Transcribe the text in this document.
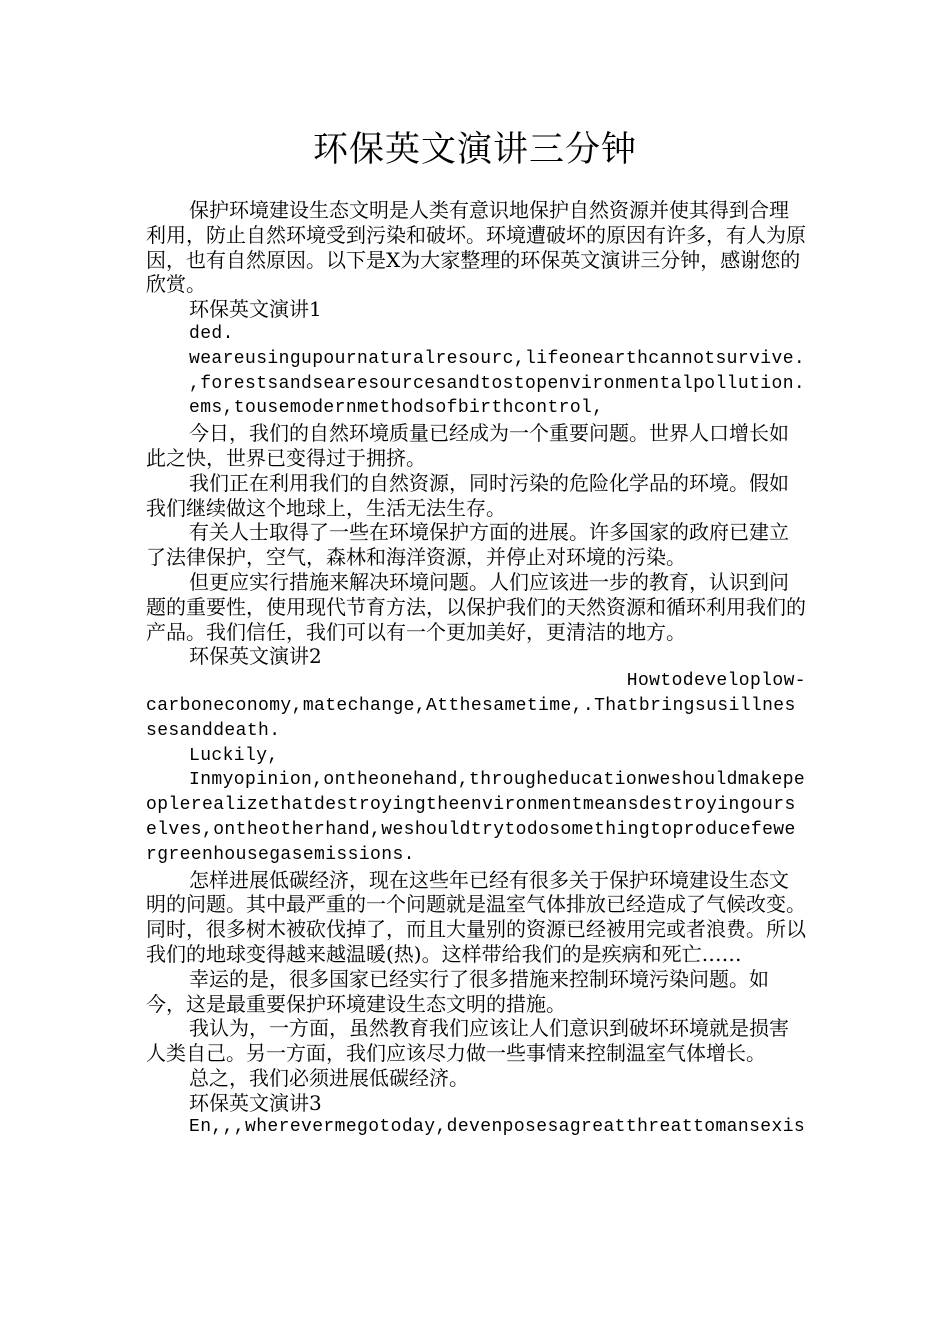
环保英文演讲三分钟

保护环境建设生态文明是人类有意识地保护自然资源并使其得到合理利用，防止自然环境受到污染和破坏。环境遭破坏的原因有许多，有人为原因，也有自然原因。以下是X为大家整理的环保英文演讲三分钟，感谢您的欣赏。

环保英文演讲1

ded.

weareusingupournaturalresourc,lifeonearthcannotsurvive.

,forestsandsearesourcesandtostopenvironmentalpollution.

ems,tousemodernmethodsofbirthcontrol,

今日，我们的自然环境质量已经成为一个重要问题。世界人口增长如此之快，世界已变得过于拥挤。

我们正在利用我们的自然资源，同时污染的危险化学品的环境。假如我们继续做这个地球上，生活无法生存。

有关人士取得了一些在环境保护方面的进展。许多国家的政府已建立了法律保护，空气，森林和海洋资源，并停止对环境的污染。

但更应实行措施来解决环境问题。人们应该进一步的教育，认识到问题的重要性，使用现代节育方法，以保护我们的天然资源和循环利用我们的产品。我们信任，我们可以有一个更加美好，更清洁的地方。

环保英文演讲2

Howtodeveloplow-

carboneconomy,matechange,Atthesametime,.Thatbringsusillnessesanddeath.

Luckily,

Inmyopinion,ontheonehand,througheducationweshouldmakepeoplerealizethatdestroyingtheenvironmentmeansdestroyingourselves,ontheotherhand,weshouldtrytodosomethingtoproducefewergreenhousegasemissions.

怎样进展低碳经济，现在这些年已经有很多关于保护环境建设生态文明的问题。其中最严重的一个问题就是温室气体排放已经造成了气候改变。同时，很多树木被砍伐掉了，而且大量别的资源已经被用完或者浪费。所以我们的地球变得越来越温暖(热)。这样带给我们的是疾病和死亡……

幸运的是，很多国家已经实行了很多措施来控制环境污染问题。如今，这是最重要保护环境建设生态文明的措施。

我认为，一方面，虽然教育我们应该让人们意识到破坏环境就是损害人类自己。另一方面，我们应该尽力做一些事情来控制温室气体增长。

总之，我们必须进展低碳经济。

环保英文演讲3

En,,,wherevermegotoday,devenposesagreatthreattomansexis
